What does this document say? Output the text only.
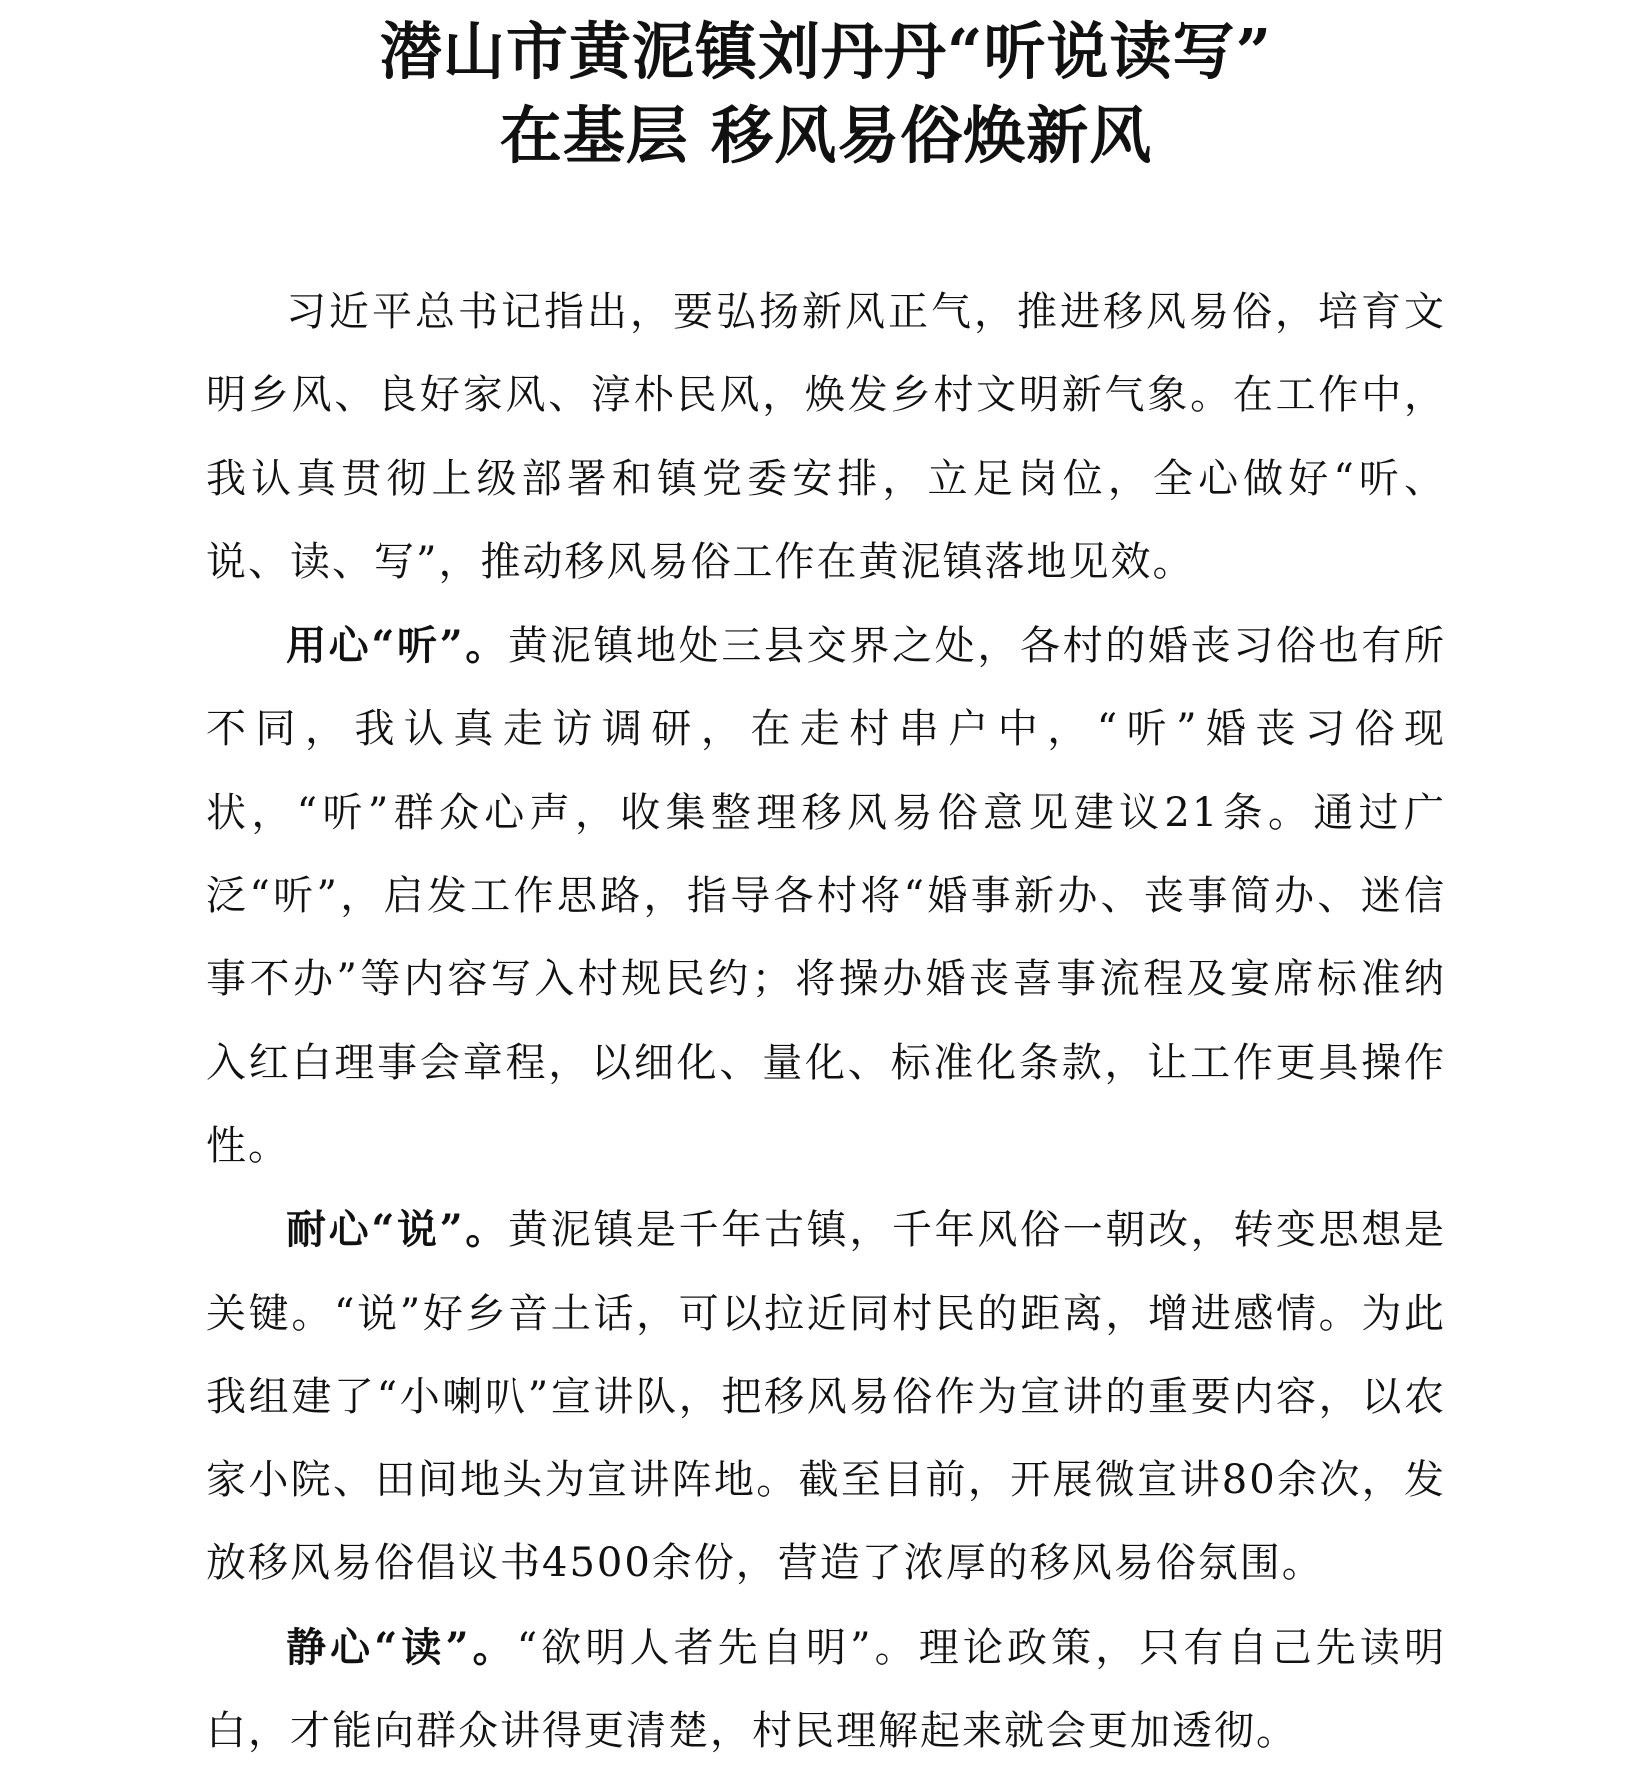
潜山市黄泥镇刘丹丹“听说读写”
在基层 移风易俗焕新风

习近平总书记指出，要弘扬新风正气，推进移风易俗，培育文明乡风、良好家风、淳朴民风，焕发乡村文明新气象。在工作中，我认真贯彻上级部署和镇党委安排，立足岗位，全心做好“听、说、读、写”，推动移风易俗工作在黄泥镇落地见效。

用心“听”。黄泥镇地处三县交界之处，各村的婚丧习俗也有所不同，我认真走访调研，在走村串户中，“听”婚丧习俗现状，“听”群众心声，收集整理移风易俗意见建议21条。通过广泛“听”，启发工作思路，指导各村将“婚事新办、丧事简办、迷信事不办”等内容写入村规民约；将操办婚丧喜事流程及宴席标准纳入红白理事会章程，以细化、量化、标准化条款，让工作更具操作性。

耐心“说”。黄泥镇是千年古镇，千年风俗一朝改，转变思想是关键。“说”好乡音土话，可以拉近同村民的距离，增进感情。为此我组建了“小喇叭”宣讲队，把移风易俗作为宣讲的重要内容，以农家小院、田间地头为宣讲阵地。截至目前，开展微宣讲80余次，发放移风易俗倡议书4500余份，营造了浓厚的移风易俗氛围。

静心“读”。“欲明人者先自明”。理论政策，只有自己先读明白，才能向群众讲得更清楚，村民理解起来就会更加透彻。
